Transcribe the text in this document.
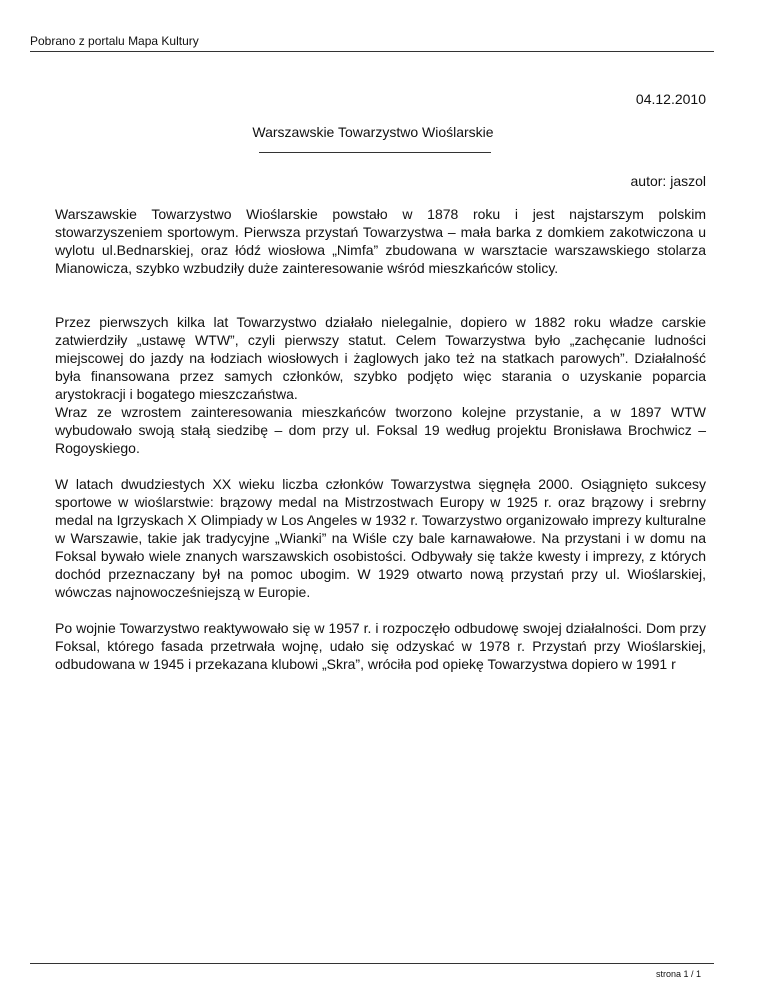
Pobrano z portalu Mapa Kultury
04.12.2010
Warszawskie Towarzystwo Wioślarskie
autor: jaszol

Warszawskie Towarzystwo Wioślarskie powstało w 1878 roku i jest najstarszym polskim stowarzyszeniem sportowym. Pierwsza przystań Towarzystwa – mała barka z domkiem zakotwiczona u wylotu ul.Bednarskiej, oraz łódź wiosłowa „Nimfa” zbudowana w warsztacie warszawskiego stolarza Mianowicza, szybko wzbudziły duże zainteresowanie wśród mieszkańców stolicy.

Przez pierwszych kilka lat Towarzystwo działało nielegalnie, dopiero w 1882 roku władze carskie zatwierdziły „ustawę WTW”, czyli pierwszy statut. Celem Towarzystwa było „zachęcanie ludności miejscowej do jazdy na łodziach wiosłowych i żaglowych jako też na statkach parowych”. Działalność była finansowana przez samych członków, szybko podjęto więc starania o uzyskanie poparcia arystokracji i bogatego mieszczaństwa.

Wraz ze wzrostem zainteresowania mieszkańców tworzono kolejne przystanie, a w 1897 WTW wybudowało swoją stałą siedzibę – dom przy ul. Foksal 19 według projektu Bronisława Brochwicz – Rogoyskiego.

W latach dwudziestych XX wieku liczba członków Towarzystwa sięgnęła 2000. Osiągnięto sukcesy sportowe w wioślarstwie: brązowy medal na Mistrzostwach Europy w 1925 r. oraz brązowy i srebrny medal na Igrzyskach X Olimpiady w Los Angeles w 1932 r. Towarzystwo organizowało imprezy kulturalne w Warszawie, takie jak tradycyjne „Wianki” na Wiśle czy bale karnawałowe. Na przystani i w domu na Foksal bywało wiele znanych warszawskich osobistości. Odbywały się także kwesty i imprezy, z których dochód przeznaczany był na pomoc ubogim. W 1929 otwarto nową przystań przy ul. Wioślarskiej, wówczas najnowocześniejszą w Europie.

Po wojnie Towarzystwo reaktywowało się w 1957 r. i rozpoczęło odbudowę swojej działalności. Dom przy Foksal, którego fasada przetrwała wojnę, udało się odzyskać w 1978 r. Przystań przy Wioślarskiej, odbudowana w 1945 i przekazana klubowi „Skra”, wróciła pod opiekę Towarzystwa dopiero w 1991 r

strona 1 / 1
